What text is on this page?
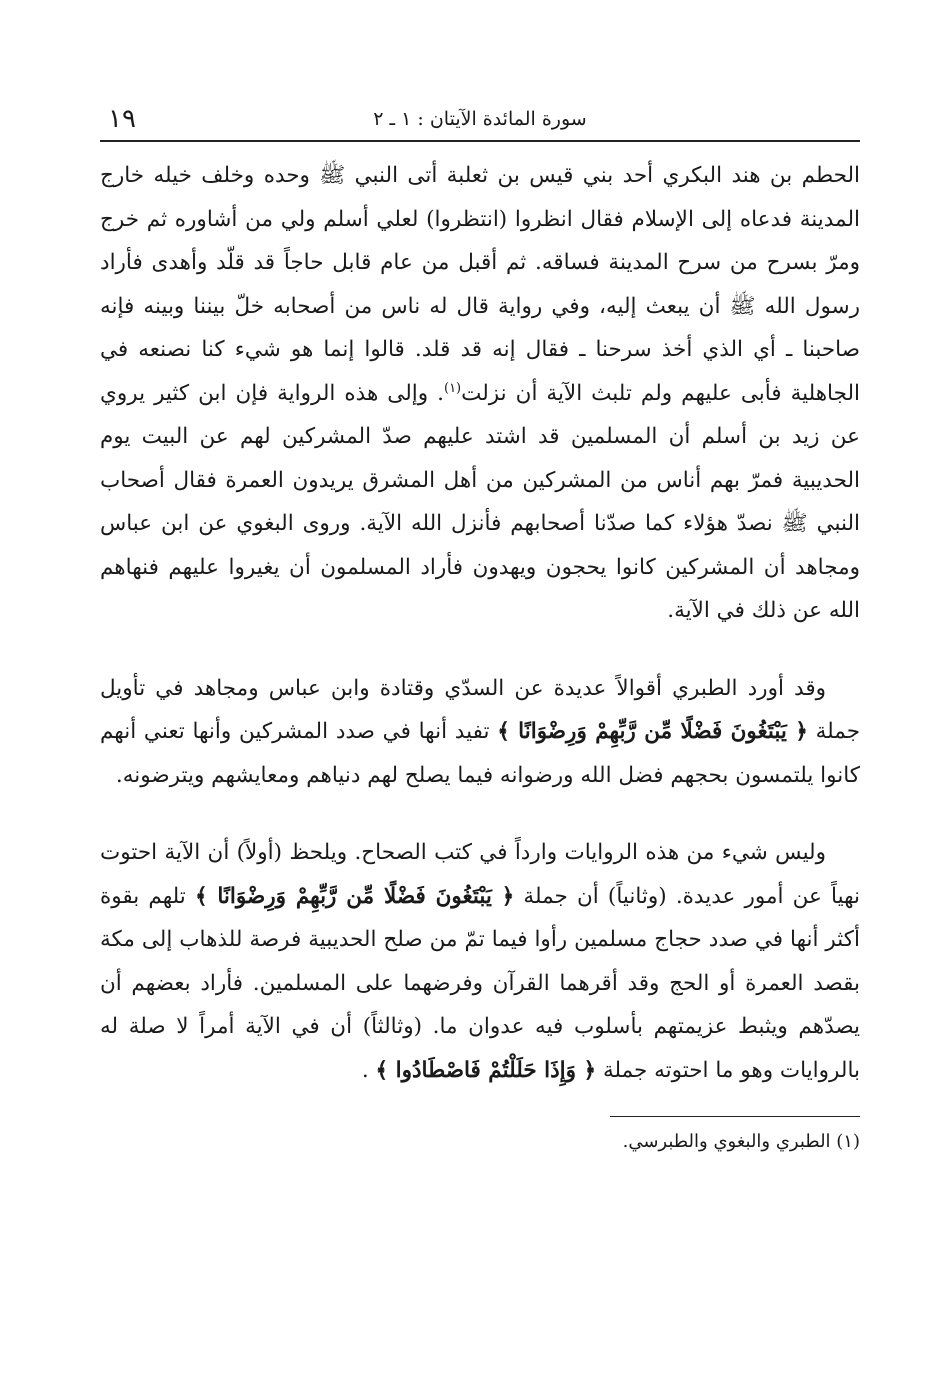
١٩	سورة المائدة الآيتان : ١ ـ ٢

الحطم بن هند البكري أحد بني قيس بن ثعلبة أتى النبي ﷺ وحده وخلف خيله خارج المدينة فدعاه إلى الإسلام فقال انظروا (انتظروا) لعلي أسلم ولي من أشاوره ثم خرج ومرّ بسرح من سرح المدينة فساقه. ثم أقبل من عام قابل حاجاً قد قلّد وأهدى فأراد رسول الله ﷺ أن يبعث إليه، وفي رواية قال له ناس من أصحابه خلّ بيننا وبينه فإنه صاحبنا ـ أي الذي أخذ سرحنا ـ فقال إنه قد قلد. قالوا إنما هو شيء كنا نصنعه في الجاهلية فأبى عليهم ولم تلبث الآية أن نزلت$^{(١)}$. وإلى هذه الرواية فإن ابن كثير يروي عن زيد بن أسلم أن المسلمين قد اشتد عليهم صدّ المشركين لهم عن البيت يوم الحديبية فمرّ بهم أناس من المشركين من أهل المشرق يريدون العمرة فقال أصحاب النبي ﷺ نصدّ هؤلاء كما صدّنا أصحابهم فأنزل الله الآية. وروى البغوي عن ابن عباس ومجاهد أن المشركين كانوا يحجون ويهدون فأراد المسلمون أن يغيروا عليهم فنهاهم الله عن ذلك في الآية.

وقد أورد الطبري أقوالاً عديدة عن السدّي وقتادة وابن عباس ومجاهد في تأويل جملة ﴿ يَبْتَغُونَ فَضْلًا مِّن رَّبِّهِمْ وَرِضْوَانًا ﴾ تفيد أنها في صدد المشركين وأنها تعني أنهم كانوا يلتمسون بحجهم فضل الله ورضوانه فيما يصلح لهم دنياهم ومعايشهم ويترضونه.

وليس شيء من هذه الروايات وارداً في كتب الصحاح. ويلحظ (أولاً) أن الآية احتوت نهياً عن أمور عديدة. (وثانياً) أن جملة ﴿ يَبْتَغُونَ فَضْلًا مِّن رَّبِّهِمْ وَرِضْوَانًا ﴾ تلهم بقوة أكثر أنها في صدد حجاج مسلمين رأوا فيما تمّ من صلح الحديبية فرصة للذهاب إلى مكة بقصد العمرة أو الحج وقد أقرهما القرآن وفرضهما على المسلمين. فأراد بعضهم أن يصدّهم ويثبط عزيمتهم بأسلوب فيه عدوان ما. (وثالثاً) أن في الآية أمراً لا صلة له بالروايات وهو ما احتوته جملة ﴿ وَإِذَا حَلَلْتُمْ فَاصْطَادُوا ﴾ .

(١) الطبري والبغوي والطبرسي.
